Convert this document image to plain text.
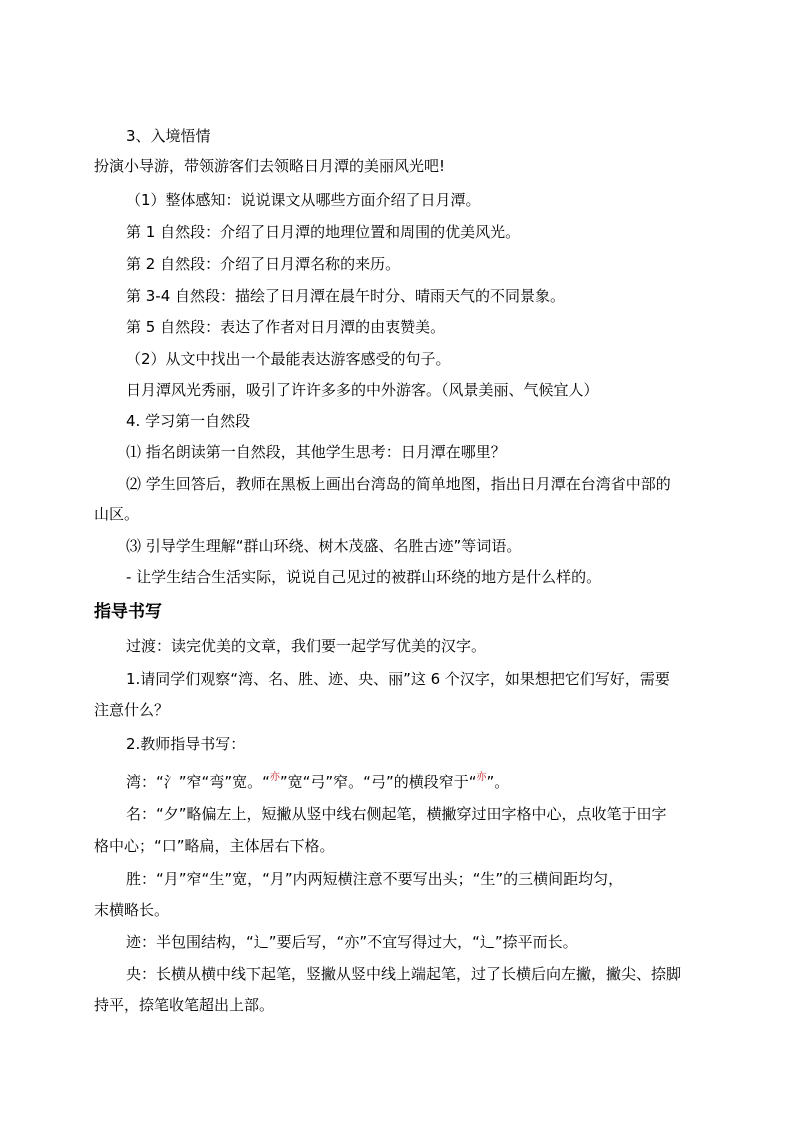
3、入境悟情
扮演小导游，带领游客们去领略日月潭的美丽风光吧!
（1）整体感知：说说课文从哪些方面介绍了日月潭。
第 1 自然段：介绍了日月潭的地理位置和周围的优美风光。
第 2 自然段：介绍了日月潭名称的来历。
第 3-4 自然段：描绘了日月潭在晨午时分、晴雨天气的不同景象。
第 5 自然段：表达了作者对日月潭的由衷赞美。
（2）从文中找出一个最能表达游客感受的句子。
日月潭风光秀丽，吸引了许许多多的中外游客。（风景美丽、气候宜人）
4. 学习第一自然段
⑴ 指名朗读第一自然段，其他学生思考：日月潭在哪里？
⑵ 学生回答后，教师在黑板上画出台湾岛的简单地图，指出日月潭在台湾省中部的
山区。
⑶ 引导学生理解“群山环绕、树木茂盛、名胜古迹”等词语。
- 让学生结合生活实际，说说自己见过的被群山环绕的地方是什么样的。
指导书写
过渡：读完优美的文章，我们要一起学写优美的汉字。
1.请同学们观察“湾、名、胜、迹、央、丽”这 6 个汉字，如果想把它们写好，需要
注意什么？
2.教师指导书写：
湾：“氵”窄“弯”宽。“$^亦$”宽“弓”窄。“弓”的横段窄于“$^亦$”。
名：“夕”略偏左上，短撇从竖中线右侧起笔，横撇穿过田字格中心，点收笔于田字
格中心；“口”略扁，主体居右下格。
胜：“月”窄“生”宽，“月”内两短横注意不要写出头；“生”的三横间距均匀，
末横略长。
迹：半包围结构，“辶”要后写，“亦”不宜写得过大，“辶”捺平而长。
央：长横从横中线下起笔，竖撇从竖中线上端起笔，过了长横后向左撇，撇尖、捺脚
持平，捺笔收笔超出上部。
